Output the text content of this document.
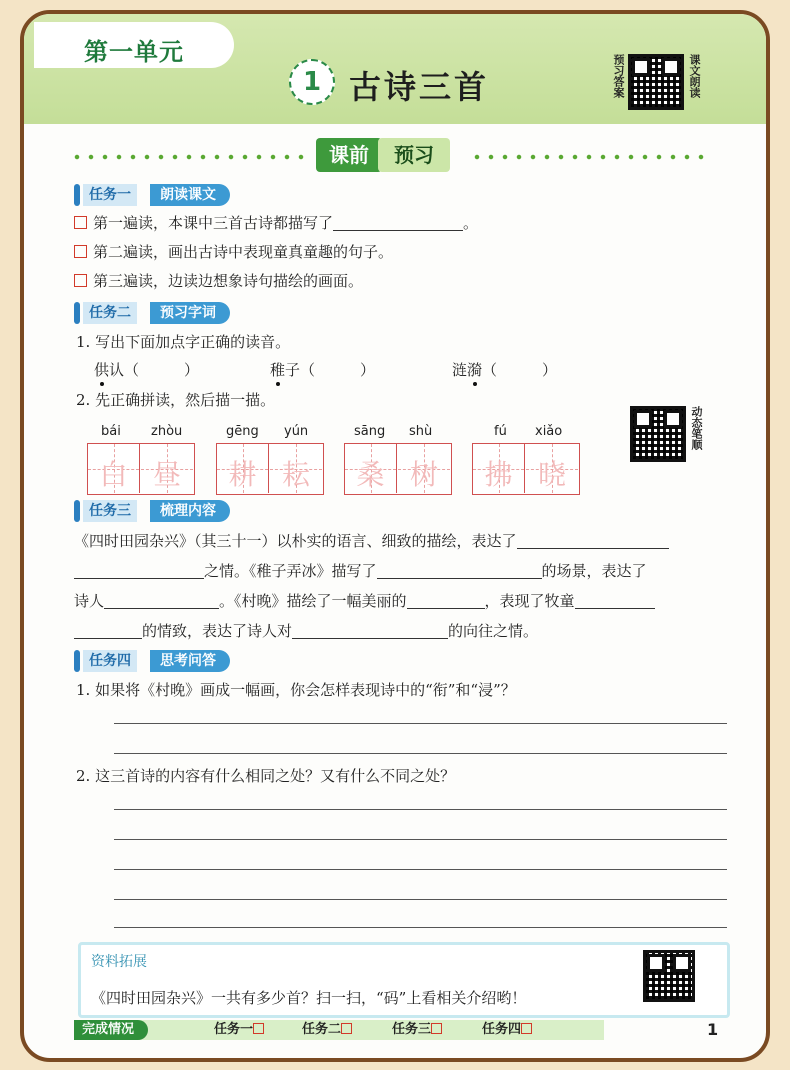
第一单元
1 古诗三首	预习答案	课文朗读
课前	预习
任务一	朗读课文
第一遍读，本课中三首古诗都描写了	。
第二遍读，画出古诗中表现童真童趣的句子。
第三遍读，边读边想象诗句描绘的画面。
任务二	预习字词
1. 写出下面加点字正确的读音。
供认（　　　）	稚子（　　　）	涟漪（　　　）
2. 先正确拼读，然后描一描。
bái zhòu	gēng yún	sāng shù	fú xiǎo
白 昼	耕 耘	桑 树	拂 晓
动态笔顺
任务三	梳理内容
《四时田园杂兴》（其三十一）以朴实的语言、细致的描绘，表达了
之情。《稚子弄冰》描写了	的场景，表达了
诗人	。《村晚》描绘了一幅美丽的	，表现了牧童
的情致，表达了诗人对	的向往之情。
任务四	思考问答
1. 如果将《村晚》画成一幅画，你会怎样表现诗中的“衔”和“浸”？
2. 这三首诗的内容有什么相同之处？又有什么不同之处？
资料拓展
《四时田园杂兴》一共有多少首？扫一扫，“码”上看相关介绍哟！
完成情况	任务一	任务二	任务三	任务四	1
